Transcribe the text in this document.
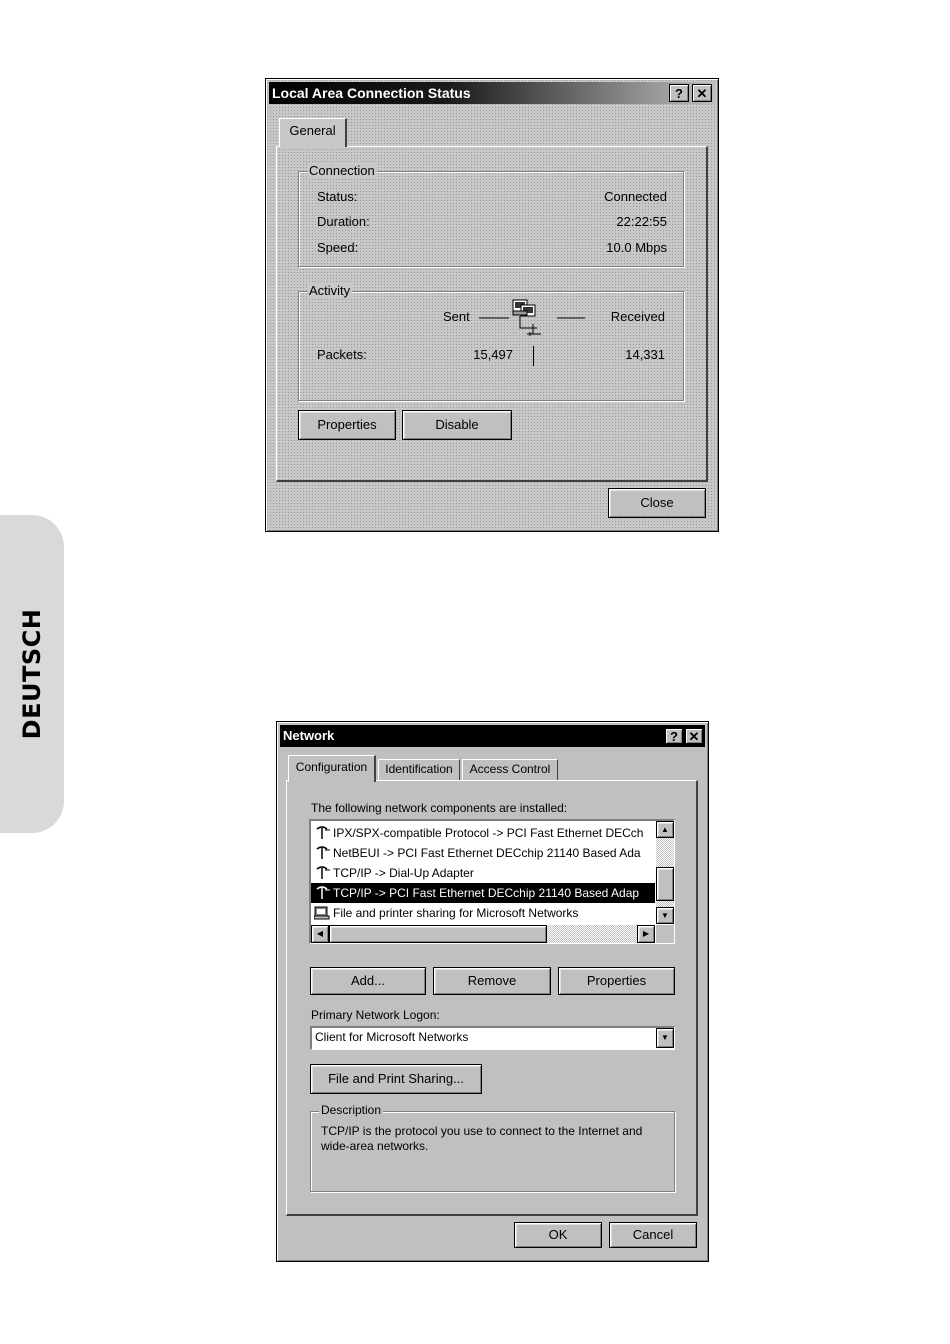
DEUTSCH
Local Area Connection Status	?	✕
General
Connection
Status:	Connected
Duration:	22:22:55
Speed:	10.0 Mbps
Activity
Sent	Received
Packets:	15,497	14,331
Properties	Disable
Close
Network	? ✕
Configuration	Identification	Access Control
The following network components are installed:
IPX/SPX-compatible Protocol -> PCI Fast Ethernet DECch
NetBEUI -> PCI Fast Ethernet DECchip 21140 Based Ada
TCP/IP -> Dial-Up Adapter
TCP/IP -> PCI Fast Ethernet DECchip 21140 Based Adap
File and printer sharing for Microsoft Networks
▲
▼
◀	▶
Add...	Remove	Properties
Primary Network Logon:
Client for Microsoft Networks	▼
File and Print Sharing...
Description
TCP/IP is the protocol you use to connect to the Internet and wide-area networks.
OK	Cancel
